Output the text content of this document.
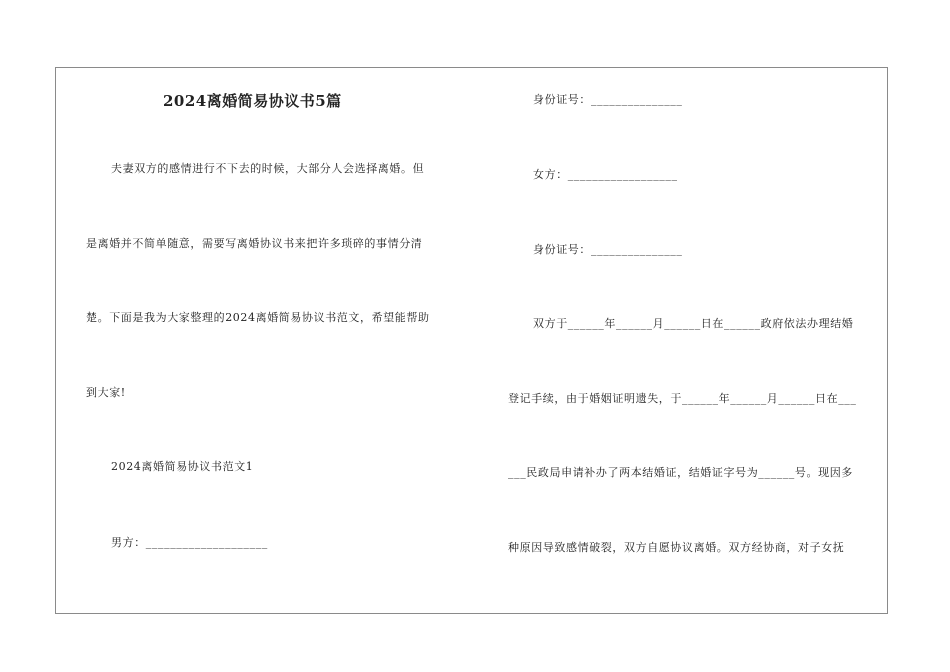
2024离婚简易协议书5篇
夫妻双方的感情进行不下去的时候，大部分人会选择离婚。但
是离婚并不简单随意，需要写离婚协议书来把许多琐碎的事情分清
楚。下面是我为大家整理的2024离婚简易协议书范文，希望能帮助
到大家!
2024离婚简易协议书范文1
男方：____________________
身份证号：_______________
女方：__________________
身份证号：_______________
双方于______年______月______日在______政府依法办理结婚
登记手续，由于婚姻证明遗失，于______年______月______日在___
___民政局申请补办了两本结婚证，结婚证字号为______号。现因多
种原因导致感情破裂，双方自愿协议离婚。双方经协商，对子女抚
